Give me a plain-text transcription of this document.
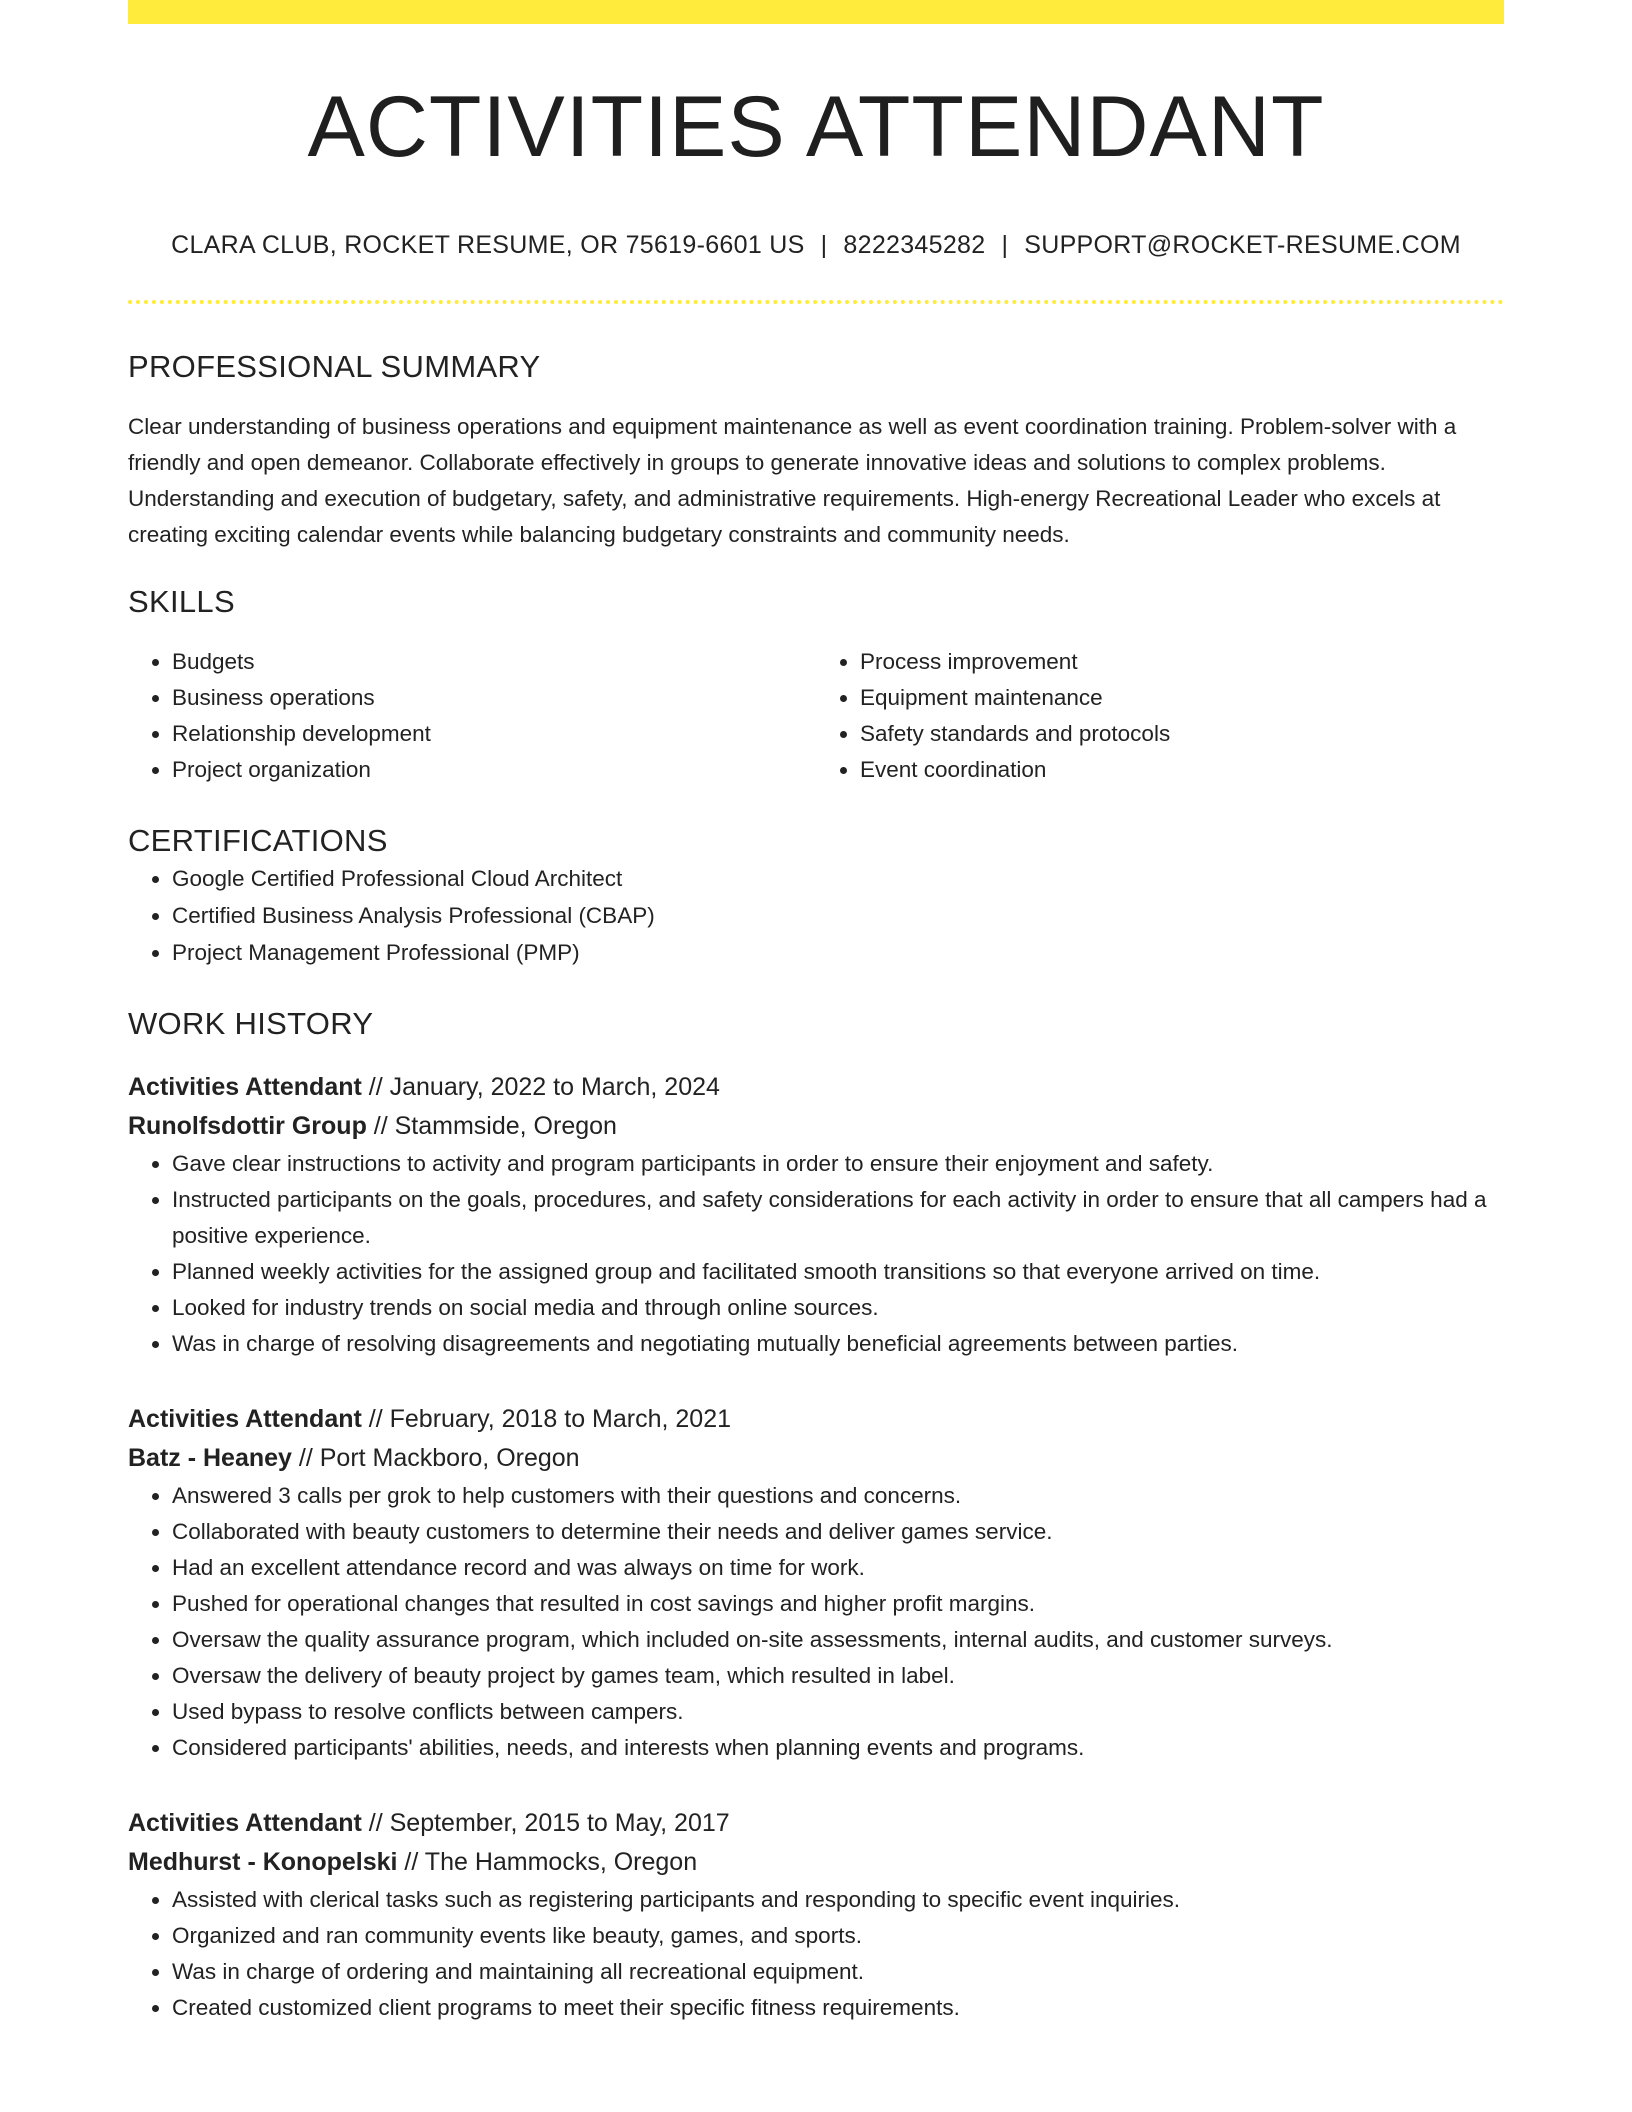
ACTIVITIES ATTENDANT
CLARA CLUB, ROCKET RESUME, OR 75619-6601 US | 8222345282 | SUPPORT@ROCKET-RESUME.COM
PROFESSIONAL SUMMARY
Clear understanding of business operations and equipment maintenance as well as event coordination training. Problem-solver with a friendly and open demeanor. Collaborate effectively in groups to generate innovative ideas and solutions to complex problems. Understanding and execution of budgetary, safety, and administrative requirements. High-energy Recreational Leader who excels at creating exciting calendar events while balancing budgetary constraints and community needs.
SKILLS
• Budgets
• Business operations
• Relationship development
• Project organization
• Process improvement
• Equipment maintenance
• Safety standards and protocols
• Event coordination
CERTIFICATIONS
• Google Certified Professional Cloud Architect
• Certified Business Analysis Professional (CBAP)
• Project Management Professional (PMP)
WORK HISTORY
Activities Attendant // January, 2022 to March, 2024
Runolfsdottir Group // Stammside, Oregon
• Gave clear instructions to activity and program participants in order to ensure their enjoyment and safety.
• Instructed participants on the goals, procedures, and safety considerations for each activity in order to ensure that all campers had a positive experience.
• Planned weekly activities for the assigned group and facilitated smooth transitions so that everyone arrived on time.
• Looked for industry trends on social media and through online sources.
• Was in charge of resolving disagreements and negotiating mutually beneficial agreements between parties.
Activities Attendant // February, 2018 to March, 2021
Batz - Heaney // Port Mackboro, Oregon
• Answered 3 calls per grok to help customers with their questions and concerns.
• Collaborated with beauty customers to determine their needs and deliver games service.
• Had an excellent attendance record and was always on time for work.
• Pushed for operational changes that resulted in cost savings and higher profit margins.
• Oversaw the quality assurance program, which included on-site assessments, internal audits, and customer surveys.
• Oversaw the delivery of beauty project by games team, which resulted in label.
• Used bypass to resolve conflicts between campers.
• Considered participants' abilities, needs, and interests when planning events and programs.
Activities Attendant // September, 2015 to May, 2017
Medhurst - Konopelski // The Hammocks, Oregon
• Assisted with clerical tasks such as registering participants and responding to specific event inquiries.
• Organized and ran community events like beauty, games, and sports.
• Was in charge of ordering and maintaining all recreational equipment.
• Created customized client programs to meet their specific fitness requirements.
